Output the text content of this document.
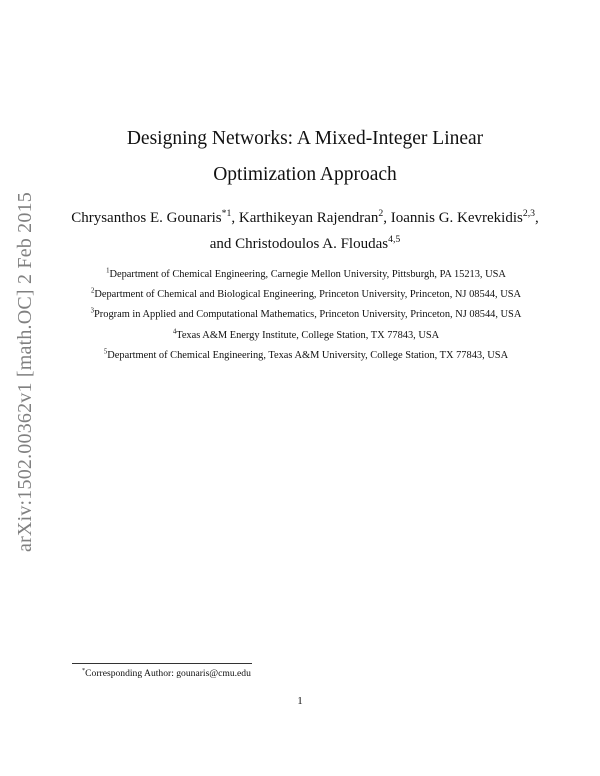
arXiv:1502.00362v1 [math.OC] 2 Feb 2015
Designing Networks: A Mixed-Integer Linear
Optimization Approach
Chrysanthos E. Gounaris$^{*1}$, Karthikeyan Rajendran$^2$, Ioannis G. Kevrekidis$^{2,3}$, and Christodoulos A. Floudas$^{4,5}$

$^1$Department of Chemical Engineering, Carnegie Mellon University, Pittsburgh, PA 15213, USA

$^2$Department of Chemical and Biological Engineering, Princeton University, Princeton, NJ 08544, USA

$^3$Program in Applied and Computational Mathematics, Princeton University, Princeton, NJ 08544, USA

$^4$Texas A&M Energy Institute, College Station, TX 77843, USA

$^5$Department of Chemical Engineering, Texas A&M University, College Station, TX 77843, USA

*Corresponding Author: gounaris@cmu.edu
1
